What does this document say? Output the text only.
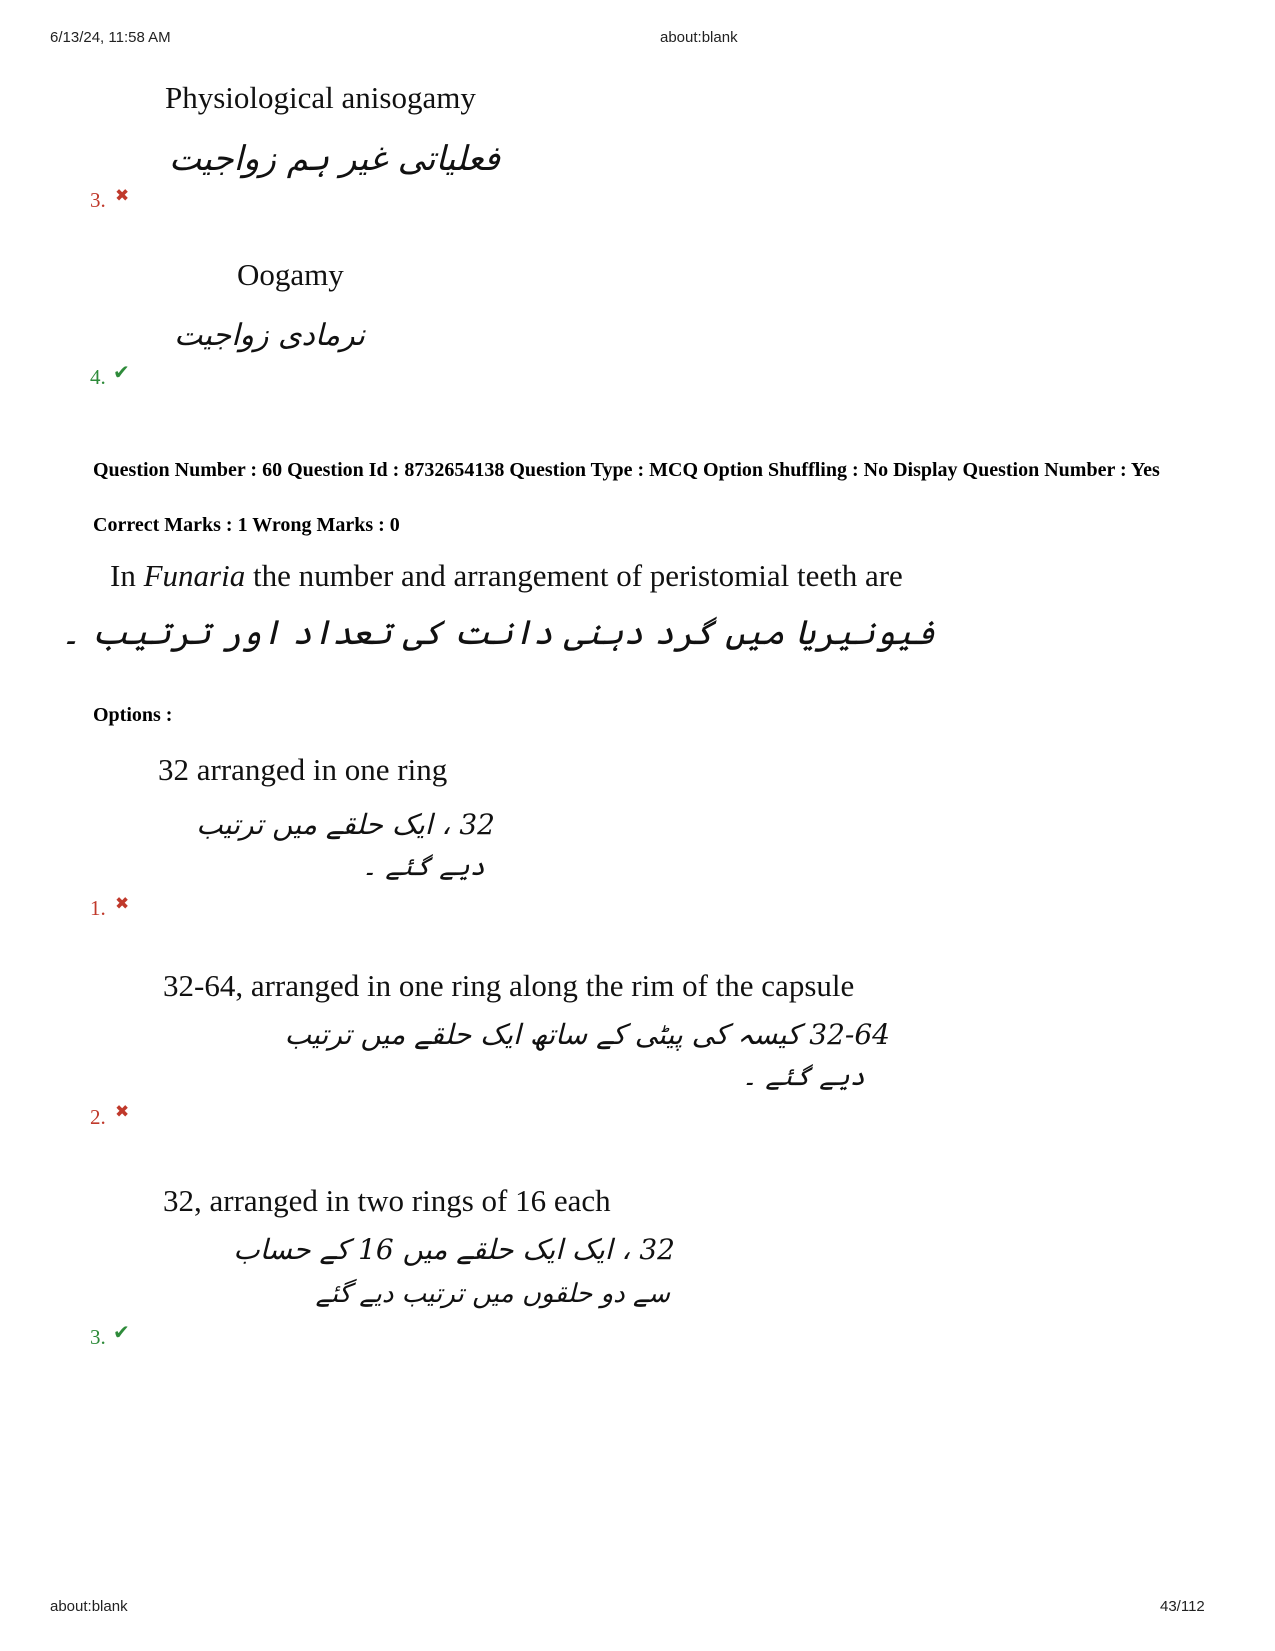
6/13/24, 11:58 AM	about:blank
Physiological anisogamy
فعلیاتی غیر ہم زواجیت
3. ✖
Oogamy
نرمادی زواجیت
4. ✔
Question Number : 60 Question Id : 8732654138 Question Type : MCQ Option Shuffling : No Display Question Number : Yes
Correct Marks : 1 Wrong Marks : 0
In Funaria the number and arrangement of peristomial teeth are
فیونیریا میں گرد دہنی دانت کی تعداد اور ترتیب ۔
Options :
32 arranged in one ring
32 ، ایک حلقے میں ترتیب
دیے گئے ۔
1. ✖
32-64, arranged in one ring along the rim of the capsule
32-64 کیسہ کی پیٹی کے ساتھ ایک حلقے میں ترتیب
دیے گئے ۔
2. ✖
32, arranged in two rings of 16 each
32 ، ایک ایک حلقے میں 16 کے حساب
سے دو حلقوں میں ترتیب دیے گئے
3. ✔
about:blank	43/112
